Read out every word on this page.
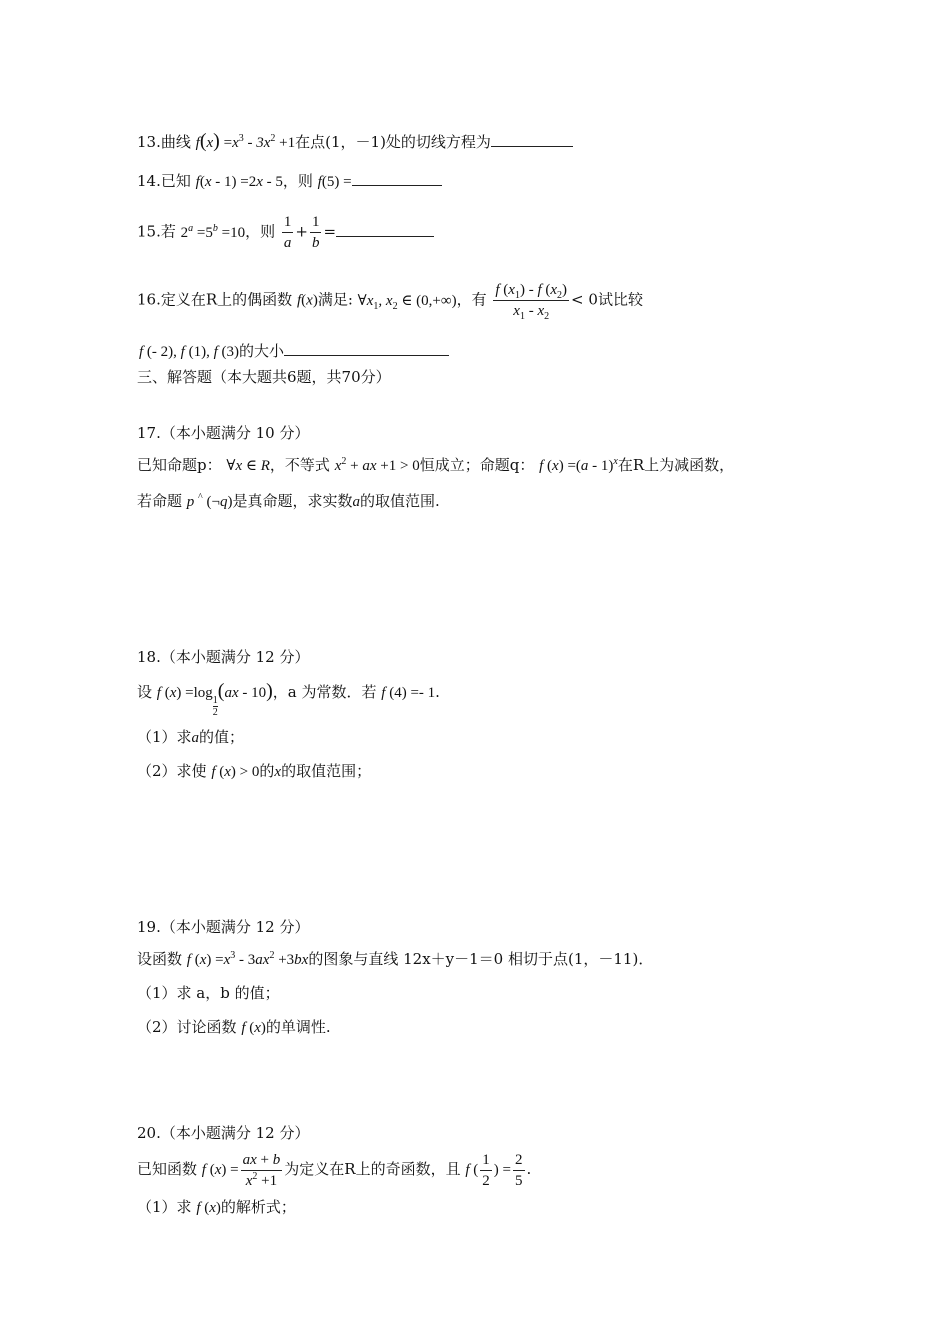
13.曲线 $f(x) =x^3 - 3x^2 +1$在点(1，－1)处的切线方程为
14.已知 f(x - 1) =2x - 5，则 f(5) =
15.若 $2^a =5^b =10$，则 $\frac{1}{a} + \frac{1}{b}$ =
16.定义在R上的偶函数 f(x)满足: $\forall x_1$, $x_2$ ∈ (0,+∞)，有 $\frac{f (x_1) - f (x_2)}{x_1 - x_2} < 0$试比较
f (- 2), f (1), f (3)的大小
三、解答题（本大题共6题，共70分）
17.（本小题满分 10 分）
已知命题p： ∀x ∈ R，不等式 $x^2$ + ax +1 > 0恒成立；命题q： f (x) =(a - 1)$^x$在R上为减函数，
若命题 p ^ (¬q)是真命题，求实数a的取值范围.
18.（本小题满分 12 分）
设 f (x) =log
$\frac{1}{2}$
(ax - 10)，a 为常数．若 f (4) =- 1.
（1）求a的值；
（2）求使 f (x) > 0的x的取值范围；
19.（本小题满分 12 分）
设函数 f $(x) =x^3 - 3ax^2 +3bx$的图象与直线 12x＋y－1＝0 相切于点(1，－11)．
（1）求 a，b 的值；
（2）讨论函数 f (x)的单调性.
20.（本小题满分 12 分）
已知函数 f $(x) = \frac{ax + b}{x^2 +1}$ 为定义在R上的奇函数，且 f ( $\frac{1}{2}$ ) = $\frac{2}{5}$ .
（1）求 f (x)的解析式；
